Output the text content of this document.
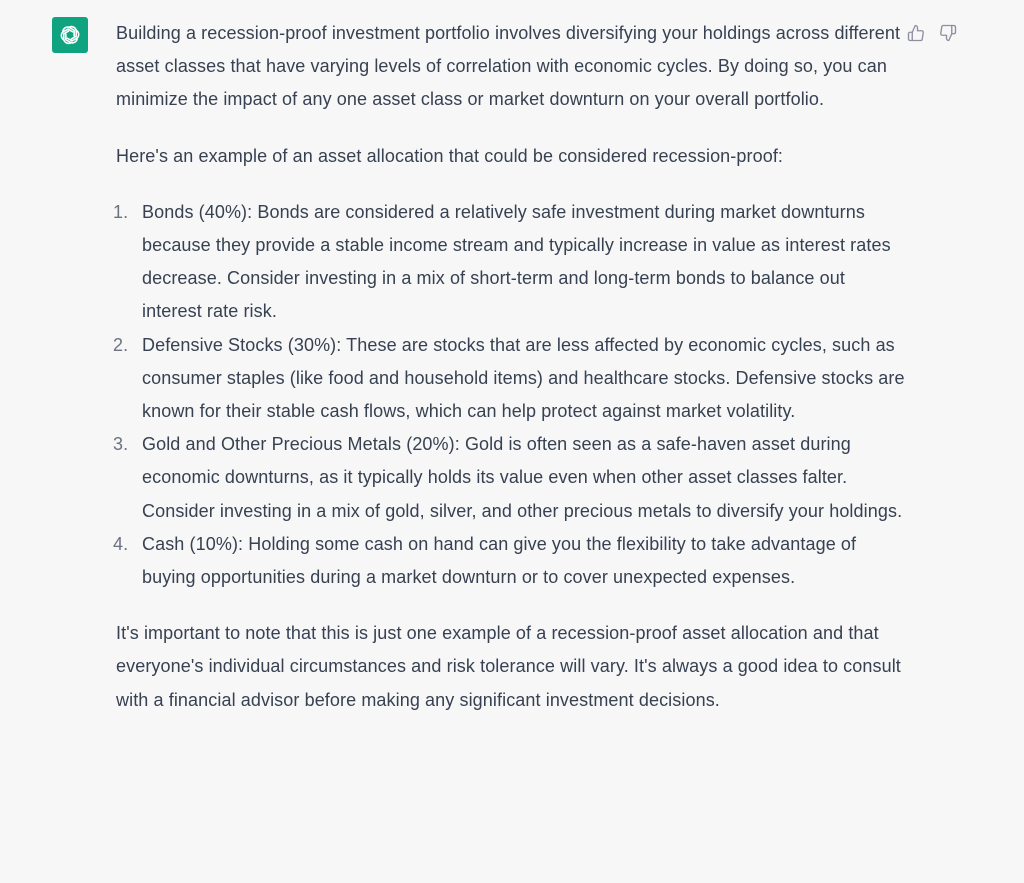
Building a recession-proof investment portfolio involves diversifying your holdings across different asset classes that have varying levels of correlation with economic cycles. By doing so, you can minimize the impact of any one asset class or market downturn on your overall portfolio.

Here's an example of an asset allocation that could be considered recession-proof:

1. Bonds (40%): Bonds are considered a relatively safe investment during market downturns because they provide a stable income stream and typically increase in value as interest rates decrease. Consider investing in a mix of short-term and long-term bonds to balance out interest rate risk.
2. Defensive Stocks (30%): These are stocks that are less affected by economic cycles, such as consumer staples (like food and household items) and healthcare stocks. Defensive stocks are known for their stable cash flows, which can help protect against market volatility.
3. Gold and Other Precious Metals (20%): Gold is often seen as a safe-haven asset during economic downturns, as it typically holds its value even when other asset classes falter. Consider investing in a mix of gold, silver, and other precious metals to diversify your holdings.
4. Cash (10%): Holding some cash on hand can give you the flexibility to take advantage of buying opportunities during a market downturn or to cover unexpected expenses.

It's important to note that this is just one example of a recession-proof asset allocation and that everyone's individual circumstances and risk tolerance will vary. It's always a good idea to consult with a financial advisor before making any significant investment decisions.
